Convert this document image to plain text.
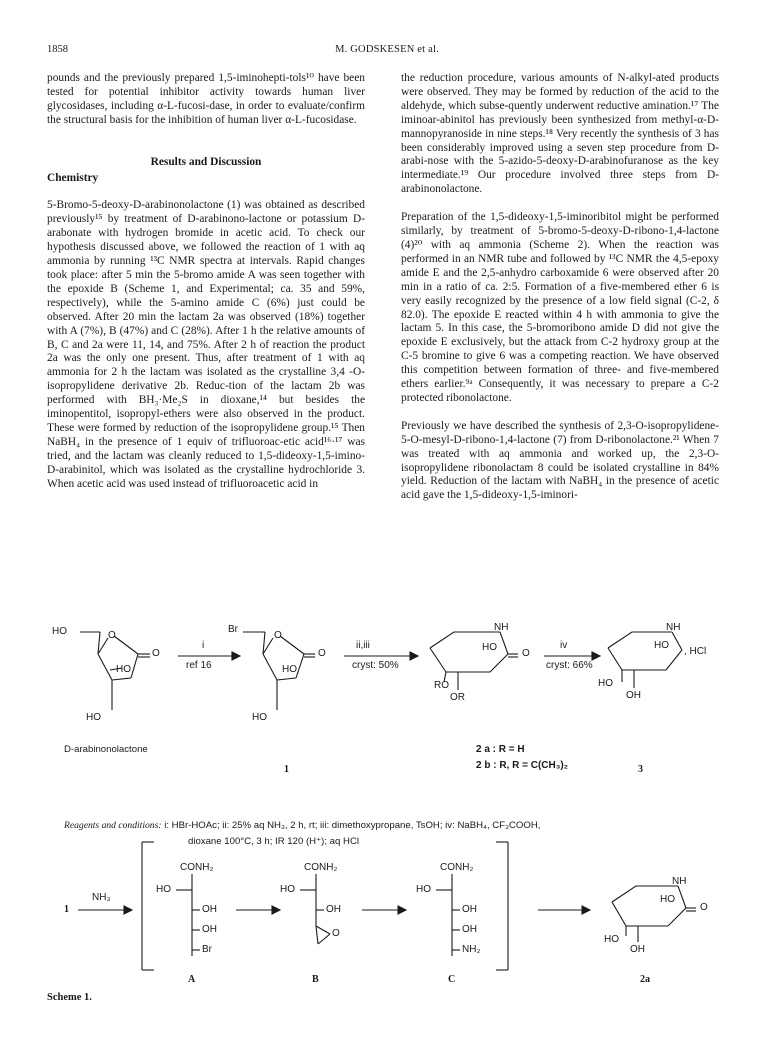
1858	M. GODSKESEN et al.

pounds and the previously prepared 1,5-iminohepti-tols¹⁰ have been tested for potential inhibitor activity towards human liver glycosidases, including α-L-fucosi-dase, in order to evaluate/confirm the structural basis for the inhibition of human liver α-L-fucosidase.

Results and Discussion
Chemistry

5-Bromo-5-deoxy-D-arabinonolactone (1) was obtained as described previously¹⁵ by treatment of D-arabinono-lactone or potassium D-arabonate with hydrogen bromide in acetic acid. To check our hypothesis discussed above, we followed the reaction of 1 with aq ammonia by running ¹³C NMR spectra at intervals. Rapid changes took place: after 5 min the 5-bromo amide A was seen together with the epoxide B (Scheme 1, and Experimental; ca. 35 and 59%, respectively), while the 5-amino amide C (6%) just could be observed. After 20 min the lactam 2a was observed (18%) together with A (7%), B (47%) and C (28%). After 1 h the relative amounts of B, C and 2a were 11, 14, and 75%. After 2 h of reaction the product 2a was the only one present. Thus, after treatment of 1 with aq ammonia for 2 h the lactam was isolated as the crystalline 3,4 -O-isopropylidene derivative 2b. Reduc-tion of the lactam 2b was performed with BH₃·Me₂S in dioxane,¹⁴ but besides the iminopentitol, isopropyl-ethers were also observed in the product. These were formed by reduction of the isopropylidene group.¹⁵ Then NaBH₄ in the presence of 1 equiv of trifluoroac-etic acid¹⁶·¹⁷ was tried, and the lactam was cleanly reduced to 1,5-dideoxy-1,5-imino-D-arabinitol, which was isolated as the crystalline hydrochloride 3. When acetic acid was used instead of trifluoroacetic acid in

the reduction procedure, various amounts of N-alkyl-ated products were observed. They may be formed by reduction of the acid to the aldehyde, which subse-quently underwent reductive amination.¹⁷ The iminoar-abinitol has previously been synthesized from methyl-α-D-mannopyranoside in nine steps.¹⁸ Very recently the synthesis of 3 has been considerably improved using a seven step procedure from D-arabi-nose with the 5-azido-5-deoxy-D-arabinofuranose as the key intermediate.¹⁹ Our procedure involved three steps from D-arabinonolactone.

Preparation of the 1,5-dideoxy-1,5-iminoribitol might be performed similarly, by treatment of 5-bromo-5-deoxy-D-ribono-1,4-lactone (4)²⁰ with aq ammonia (Scheme 2). When the reaction was performed in an NMR tube and followed by ¹³C NMR the 4,5-epoxy amide E and the 2,5-anhydro carboxamide 6 were observed after 20 min in a ratio of ca. 2:5. Formation of a five-membered ether 6 is very easily recognized by the presence of a low field signal (C-2, δ 82.0). The epoxide E reacted within 4 h with ammonia to give the lactam 5. In this case, the 5-bromoribono amide D did not give the epoxide E exclusively, but the attack from C-2 hydroxy group at the C-5 bromine to give 6 was a competing reaction. We have observed this competition between formation of three- and five-membered ethers earlier.⁹ᵃ Consequently, it was necessary to prepare a C-2 protected ribonolactone.

Previously we have described the synthesis of 2,3-O-isopropylidene-5-O-mesyl-D-ribono-1,4-lactone (7) from D-ribonolactone.²¹ When 7 was treated with aq ammonia and worked up, the 2,3-O-isopropylidene ribonolactam 8 could be isolated crystalline in 84% yield. Reduction of the lactam with NaBH₄ in the presence of acetic acid gave the 1,5-dideoxy-1,5-iminori-

HO	O
HO
O
HO
D-arabinonolactone
i
ref 16
Br
O
HO
O
HO
1
ii,iii
cryst: 50%
NH
HO
O
RO
OR
2 a : R = H
2 b : R, R = C(CH₃)₂
iv
cryst: 66%
NH
HO
, HCl
HO
OH
3
Reagents and conditions: i: HBr-HOAc; ii: 25% aq NH₃, 2 h, rt; iii: dimethoxypropane, TsOH; iv: NaBH₄, CF₃COOH,
dioxane 100°C, 3 h; IR 120 (H⁺); aq HCl
1
NH₃
CONH₂
HO
OH
OH
Br
A
CONH₂
HO
OH
O
B
CONH₂
HO
OH
OH
NH₂
C
NH
HO
O
HO
OH
2a
Scheme 1.
